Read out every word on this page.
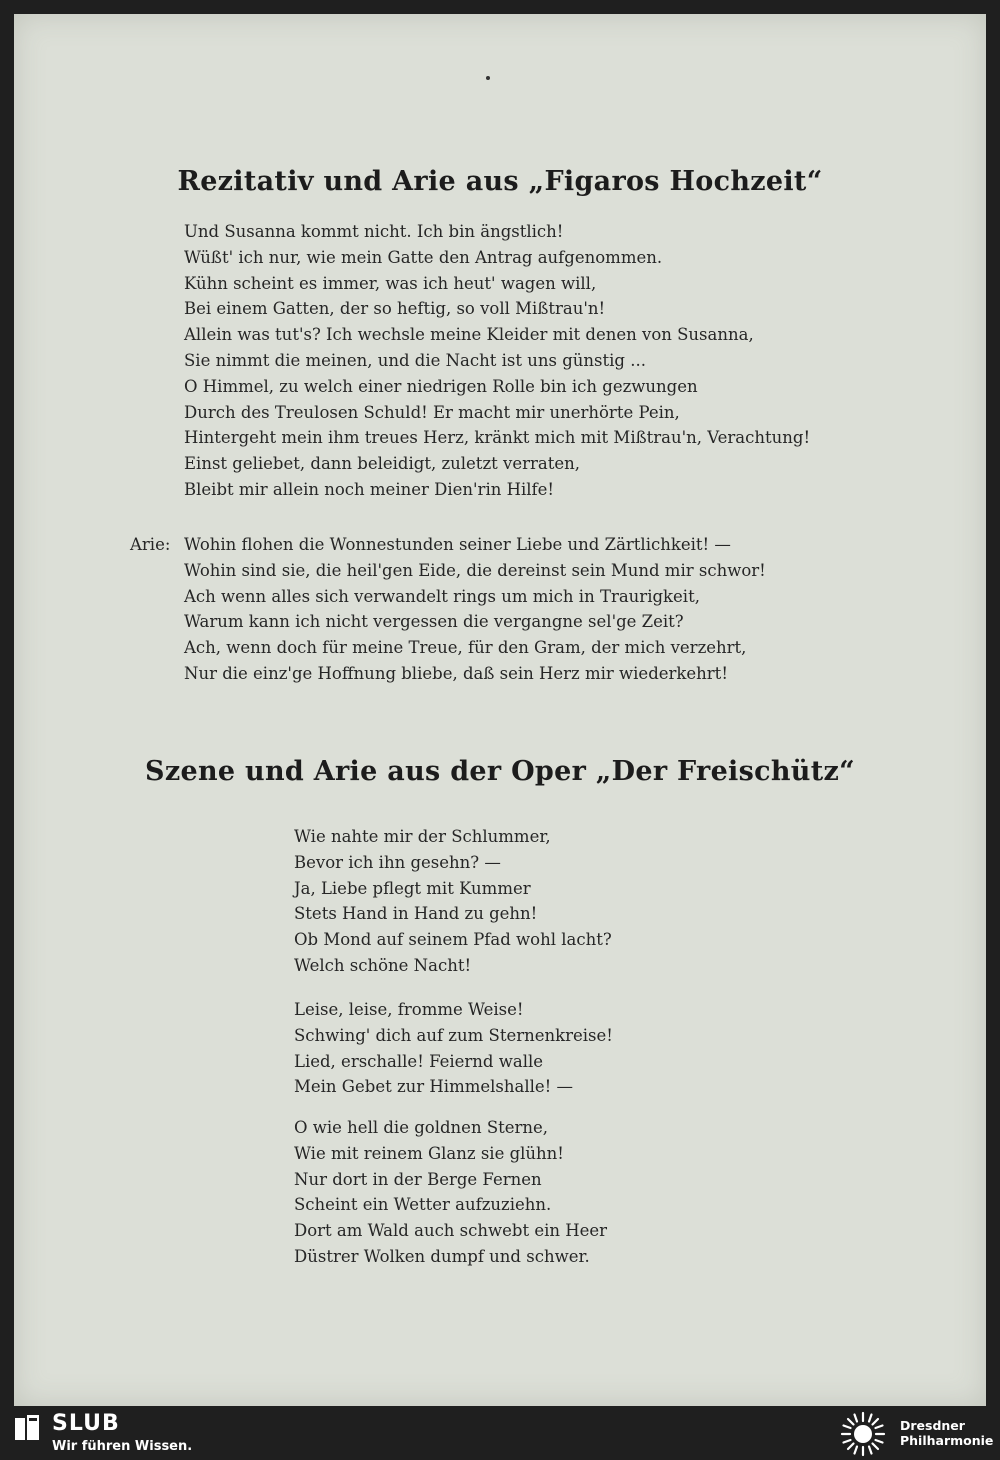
Rezitativ und Arie aus „Figaros Hochzeit“
Und Susanna kommt nicht. Ich bin ängstlich!
Wüßt' ich nur, wie mein Gatte den Antrag aufgenommen.
Kühn scheint es immer, was ich heut' wagen will,
Bei einem Gatten, der so heftig, so voll Mißtrau'n!
Allein was tut's? Ich wechsle meine Kleider mit denen von Susanna,
Sie nimmt die meinen, und die Nacht ist uns günstig ...
O Himmel, zu welch einer niedrigen Rolle bin ich gezwungen
Durch des Treulosen Schuld! Er macht mir unerhörte Pein,
Hintergeht mein ihm treues Herz, kränkt mich mit Mißtrau'n, Verachtung!
Einst geliebet, dann beleidigt, zuletzt verraten,
Bleibt mir allein noch meiner Dien'rin Hilfe!
Arie: Wohin flohen die Wonnestunden seiner Liebe und Zärtlichkeit! —
Wohin sind sie, die heil'gen Eide, die dereinst sein Mund mir schwor!
Ach wenn alles sich verwandelt rings um mich in Traurigkeit,
Warum kann ich nicht vergessen die vergangne sel'ge Zeit?
Ach, wenn doch für meine Treue, für den Gram, der mich verzehrt,
Nur die einz'ge Hoffnung bliebe, daß sein Herz mir wiederkehrt!
Szene und Arie aus der Oper „Der Freischütz“
Wie nahte mir der Schlummer,
Bevor ich ihn gesehn? —
Ja, Liebe pflegt mit Kummer
Stets Hand in Hand zu gehn!
Ob Mond auf seinem Pfad wohl lacht?
Welch schöne Nacht!
Leise, leise, fromme Weise!
Schwing' dich auf zum Sternenkreise!
Lied, erschalle! Feiernd walle
Mein Gebet zur Himmelshalle! —
O wie hell die goldnen Sterne,
Wie mit reinem Glanz sie glühn!
Nur dort in der Berge Fernen
Scheint ein Wetter aufzuziehn.
Dort am Wald auch schwebt ein Heer
Düstrer Wolken dumpf und schwer.
SLUB
Wir führen Wissen.
Dresdner
Philharmonie
